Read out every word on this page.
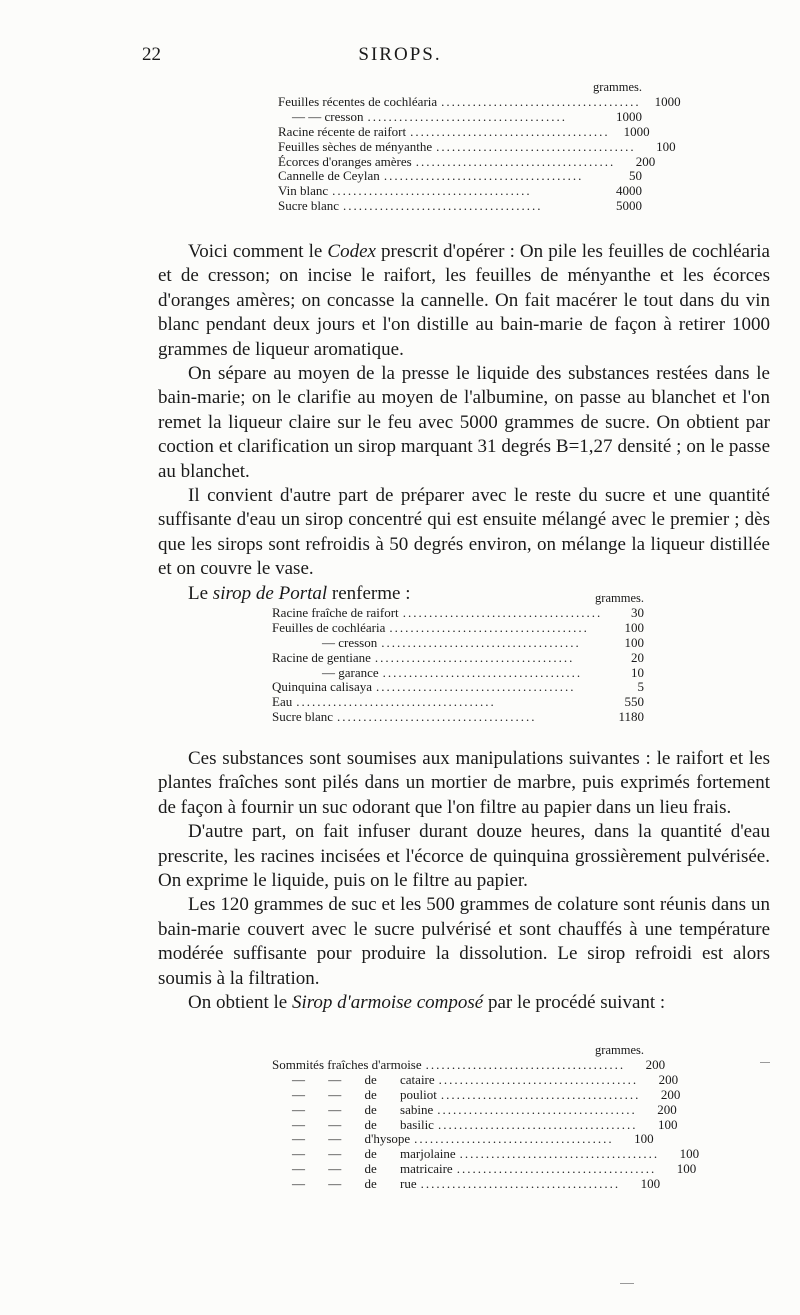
22	SIROPS.
grammes.
Feuilles récentes de cochléaria ......................................	1000
— — cresson ......................................	1000
Racine récente de raifort ......................................	1000
Feuilles sèches de ményanthe ......................................	100
Écorces d'oranges amères ......................................	200
Cannelle de Ceylan ......................................	50
Vin blanc ......................................	4000
Sucre blanc ......................................	5000

Voici comment le Codex prescrit d'opérer : On pile les feuilles de cochléaria et de cresson; on incise le raifort, les feuilles de ményanthe et les écorces d'oranges amères; on concasse la cannelle. On fait macérer le tout dans du vin blanc pendant deux jours et l'on distille au bain-marie de façon à retirer 1000 grammes de liqueur aromatique.

On sépare au moyen de la presse le liquide des substances restées dans le bain-marie; on le clarifie au moyen de l'albumine, on passe au blanchet et l'on remet la liqueur claire sur le feu avec 5000 grammes de sucre. On obtient par coction et clarification un sirop marquant 31 degrés B=1,27 densité ; on le passe au blanchet.

Il convient d'autre part de préparer avec le reste du sucre et une quantité suffisante d'eau un sirop concentré qui est ensuite mélangé avec le premier ; dès que les sirops sont refroidis à 50 degrés environ, on mélange la liqueur distillée et on couvre le vase.

Le sirop de Portal renferme :	grammes.
Racine fraîche de raifort ......................................	30
Feuilles de cochléaria ......................................	100
— cresson ......................................	100
Racine de gentiane ......................................	20
— garance ......................................	10
Quinquina calisaya ......................................	5
Eau ......................................	550
Sucre blanc ......................................	1180

Ces substances sont soumises aux manipulations suivantes : le raifort et les plantes fraîches sont pilés dans un mortier de marbre, puis exprimés fortement de façon à fournir un suc odorant que l'on filtre au papier dans un lieu frais.

D'autre part, on fait infuser durant douze heures, dans la quantité d'eau prescrite, les racines incisées et l'écorce de quinquina grossièrement pulvérisée. On exprime le liquide, puis on le filtre au papier.

Les 120 grammes de suc et les 500 grammes de colature sont réunis dans un bain-marie couvert avec le sucre pulvérisé et sont chauffés à une température modérée suffisante pour produire la dissolution. Le sirop refroidi est alors soumis à la filtration.

On obtient le Sirop d'armoise composé par le procédé suivant :

grammes.
Sommités fraîches d'armoise ......................................	200
— — de cataire ......................................	200
— — de pouliot ......................................	200
— — de sabine ......................................	200
— — de basilic ......................................	100
— — d'hysope ......................................	100
— — de marjolaine ......................................	100
— — de matricaire ......................................	100
— — de rue ......................................	100
